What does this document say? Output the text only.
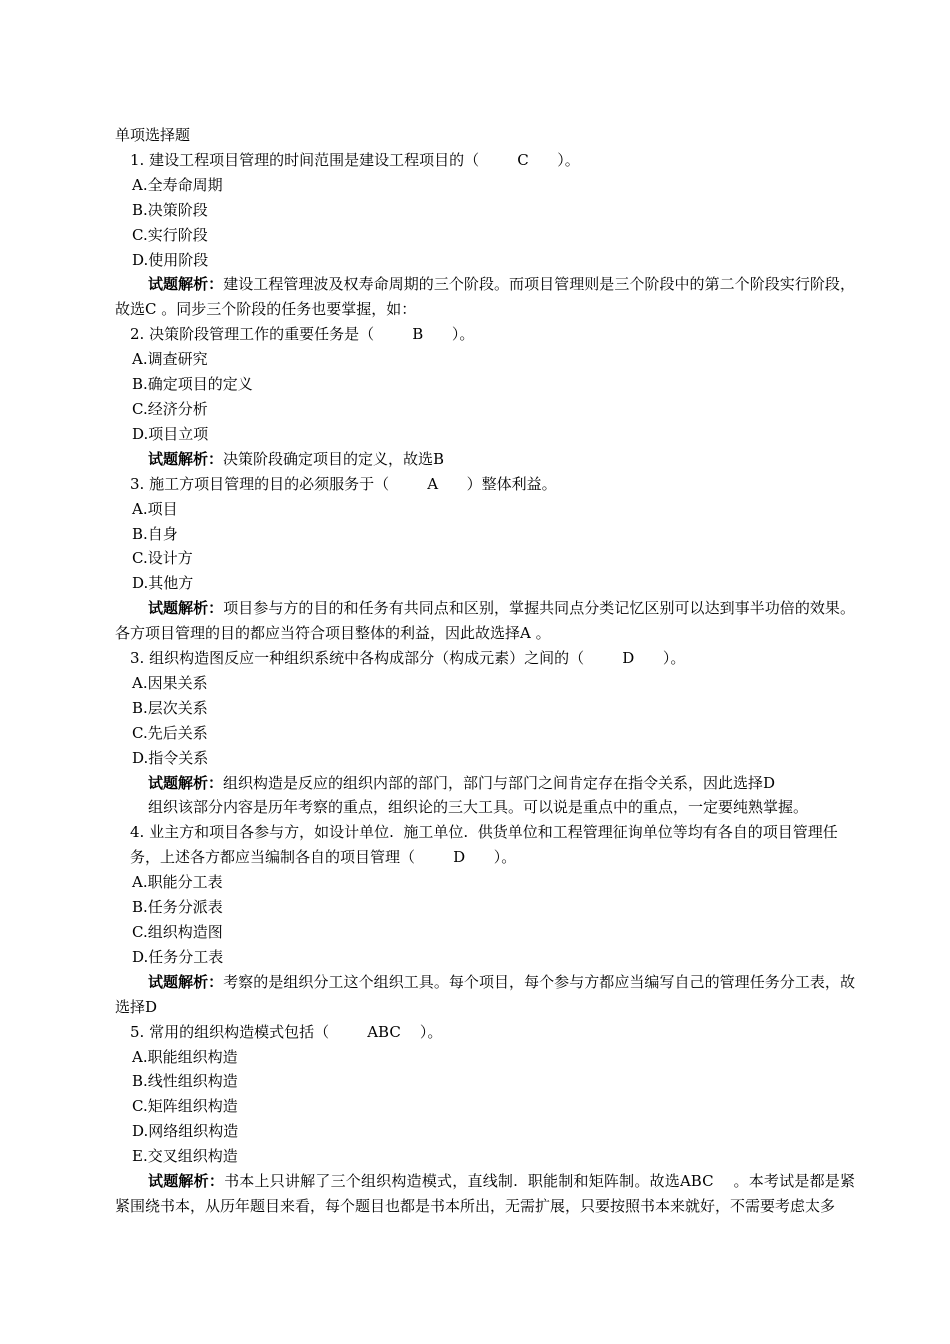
单项选择题
1. 建设工程项目管理的时间范围是建设工程项目的（        C      ）。
A.全寿命周期
B.决策阶段
C.实行阶段
D.使用阶段
试题解析：建设工程管理波及权寿命周期的三个阶段。而项目管理则是三个阶段中的第二个阶段实行阶段，故选C 。同步三个阶段的任务也要掌握，如：
2. 决策阶段管理工作的重要任务是（        B      ）。
A.调查研究
B.确定项目的定义
C.经济分析
D.项目立项
试题解析：决策阶段确定项目的定义，故选B
3. 施工方项目管理的目的必须服务于（        A      ）整体利益。
A.项目
B.自身
C.设计方
D.其他方
试题解析：项目参与方的目的和任务有共同点和区别，掌握共同点分类记忆区别可以达到事半功倍的效果。各方项目管理的目的都应当符合项目整体的利益，因此故选择A 。
3. 组织构造图反应一种组织系统中各构成部分（构成元素）之间的（        D      ）。
A.因果关系
B.层次关系
C.先后关系
D.指令关系
试题解析：组织构造是反应的组织内部的部门，部门与部门之间肯定存在指令关系，因此选择D
组织该部分内容是历年考察的重点，组织论的三大工具。可以说是重点中的重点，一定要纯熟掌握。
4. 业主方和项目各参与方，如设计单位.  施工单位.  供货单位和工程管理征询单位等均有各自的项目管理任务，上述各方都应当编制各自的项目管理（        D      ）。
A.职能分工表
B.任务分派表
C.组织构造图
D.任务分工表
试题解析：考察的是组织分工这个组织工具。每个项目，每个参与方都应当编写自己的管理任务分工表，故选择D
5. 常用的组织构造模式包括（        ABC    ）。
A.职能组织构造
B.线性组织构造
C.矩阵组织构造
D.网络组织构造
E.交叉组织构造
试题解析：书本上只讲解了三个组织构造模式，直线制.  职能制和矩阵制。故选ABC    。本考试是都是紧紧围绕书本，从历年题目来看，每个题目也都是书本所出，无需扩展，只要按照书本来就好，不需要考虑太多
